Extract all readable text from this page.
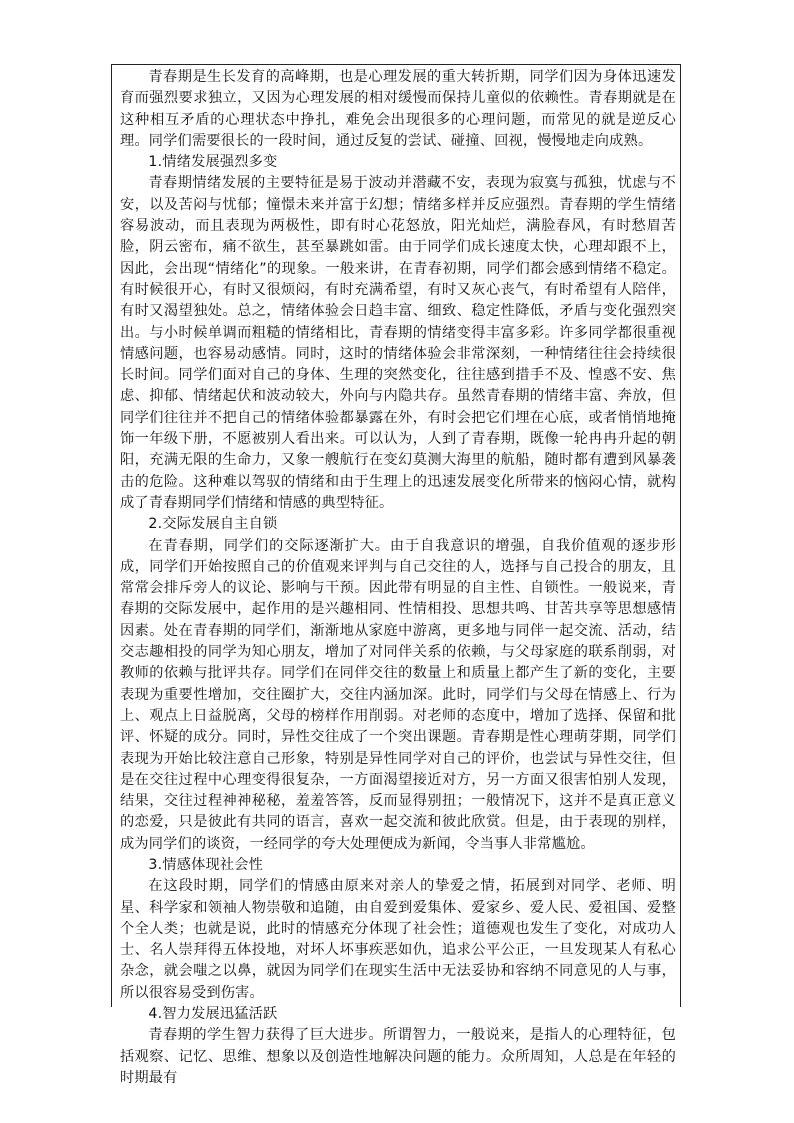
青春期是生长发育的高峰期，也是心理发展的重大转折期，同学们因为身体迅速发育而强烈要求独立，又因为心理发展的相对缓慢而保持儿童似的依赖性。青春期就是在这种相互矛盾的心理状态中挣扎，难免会出现很多的心理问题，而常见的就是逆反心理。同学们需要很长的一段时间，通过反复的尝试、碰撞、回视，慢慢地走向成熟。

1.情绪发展强烈多变

青春期情绪发展的主要特征是易于波动并潜藏不安，表现为寂寞与孤独，忧虑与不安，以及苦闷与忧郁；憧憬未来并富于幻想；情绪多样并反应强烈。青春期的学生情绪容易波动，而且表现为两极性，即有时心花怒放，阳光灿烂，满脸春风，有时愁眉苦脸，阴云密布，痛不欲生，甚至暴跳如雷。由于同学们成长速度太快，心理却跟不上，因此，会出现“情绪化”的现象。一般来讲，在青春初期，同学们都会感到情绪不稳定。有时候很开心，有时又很烦闷，有时充满希望，有时又灰心丧气，有时希望有人陪伴，有时又渴望独处。总之，情绪体验会日趋丰富、细致、稳定性降低，矛盾与变化强烈突出。与小时候单调而粗糙的情绪相比，青春期的情绪变得丰富多彩。许多同学都很重视情感问题，也容易动感情。同时，这时的情绪体验会非常深刻，一种情绪往往会持续很长时间。同学们面对自己的身体、生理的突然变化，往往感到措手不及、惶惑不安、焦虑、抑郁、情绪起伏和波动较大，外向与内隐共存。虽然青春期的情绪丰富、奔放，但同学们往往并不把自己的情绪体验都暴露在外，有时会把它们埋在心底，或者悄悄地掩饰一年级下册，不愿被别人看出来。可以认为，人到了青春期，既像一轮冉冉升起的朝阳，充满无限的生命力，又象一艘航行在变幻莫测大海里的航船，随时都有遭到风暴袭击的危险。这种难以驾驭的情绪和由于生理上的迅速发展变化所带来的恼闷心情，就构成了青春期同学们情绪和情感的典型特征。

2.交际发展自主自锁

在青春期，同学们的交际逐渐扩大。由于自我意识的增强，自我价值观的逐步形成，同学们开始按照自己的价值观来评判与自己交往的人，选择与自己投合的朋友，且常常会排斥旁人的议论、影响与干预。因此带有明显的自主性、自锁性。一般说来，青春期的交际发展中，起作用的是兴趣相同、性情相投、思想共鸣、甘苦共享等思想感情因素。处在青春期的同学们，渐渐地从家庭中游离，更多地与同伴一起交流、活动，结交志趣相投的同学为知心朋友，增加了对同伴关系的依赖，与父母家庭的联系削弱，对教师的依赖与批评共存。同学们在同伴交往的数量上和质量上都产生了新的变化，主要表现为重要性增加，交往圈扩大，交往内涵加深。此时，同学们与父母在情感上、行为上、观点上日益脱离，父母的榜样作用削弱。对老师的态度中，增加了选择、保留和批评、怀疑的成分。同时，异性交往成了一个突出课题。青春期是性心理萌芽期，同学们表现为开始比较注意自己形象，特别是异性同学对自己的评价，也尝试与异性交往，但是在交往过程中心理变得很复杂，一方面渴望接近对方，另一方面又很害怕别人发现，结果，交往过程神神秘秘，羞羞答答，反而显得别扭；一般情况下，这并不是真正意义的恋爱，只是彼此有共同的语言，喜欢一起交流和彼此欣赏。但是，由于表现的别样，成为同学们的谈资，一经同学的夸大处理便成为新闻，令当事人非常尴尬。

3.情感体现社会性

在这段时期，同学们的情感由原来对亲人的挚爱之情，拓展到对同学、老师、明星、科学家和领袖人物崇敬和追随，由自爱到爱集体、爱家乡、爱人民、爱祖国、爱整个全人类；也就是说，此时的情感充分体现了社会性；道德观也发生了变化，对成功人士、名人崇拜得五体投地，对坏人坏事疾恶如仇，追求公平公正，一旦发现某人有私心杂念，就会嗤之以鼻，就因为同学们在现实生活中无法妥协和容纳不同意见的人与事，所以很容易受到伤害。

4.智力发展迅猛活跃

青春期的学生智力获得了巨大进步。所谓智力，一般说来，是指人的心理特征，包括观察、记忆、思维、想象以及创造性地解决问题的能力。众所周知，人总是在年轻的时期最有
